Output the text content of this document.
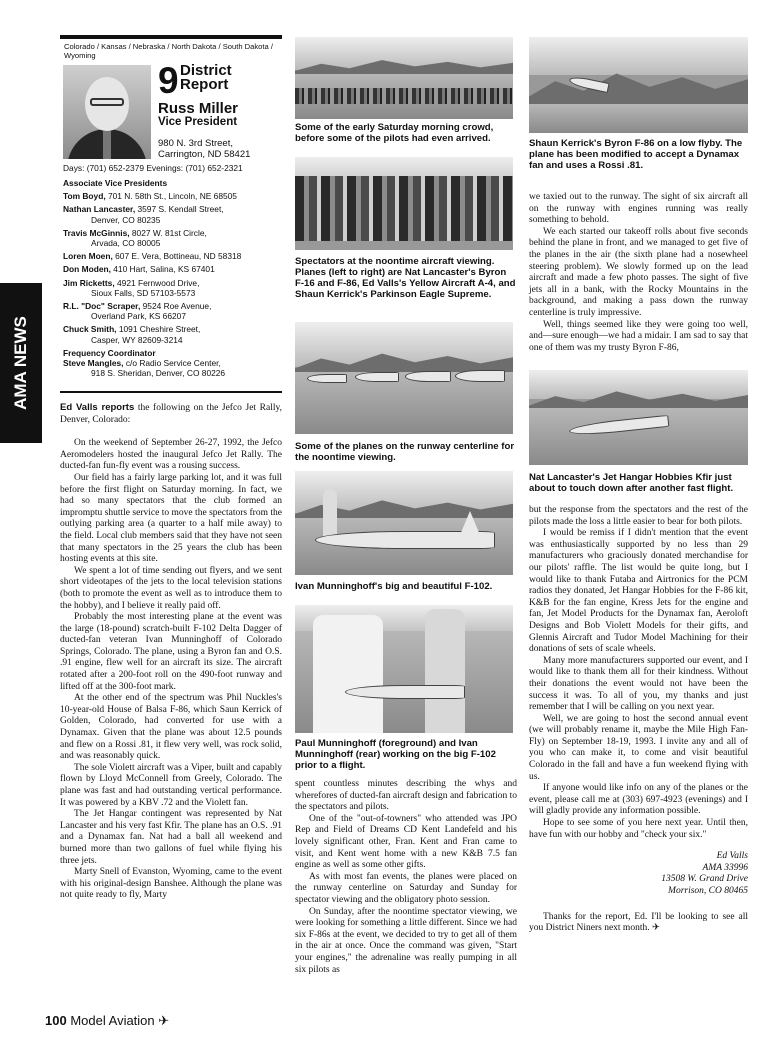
AMA NEWS
Colorado / Kansas / Nebraska / North Dakota / South Dakota / Wyoming
9 District
Report
Russ Miller
Vice President
980 N. 3rd Street,
Carrington, ND 58421
Days: (701) 652-2379 Evenings: (701) 652-2321
Associate Vice Presidents
Tom Boyd, 701 N. 58th St., Lincoln, NE 68505
Nathan Lancaster, 3597 S. Kendall Street,
Denver, CO 80235
Travis McGinnis, 8027 W. 81st Circle,
Arvada, CO 80005
Loren Moen, 607 E. Vera, Bottineau, ND 58318
Don Moden, 410 Hart, Salina, KS 67401
Jim Ricketts, 4921 Fernwood Drive,
Sioux Falls, SD 57103-5573
R.L. "Doc" Scraper, 9524 Roe Avenue,
Overland Park, KS 66207
Chuck Smith, 1091 Cheshire Street,
Casper, WY 82609-3214
Frequency Coordinator
Steve Mangles, c/o Radio Service Center,
918 S. Sheridan, Denver, CO 80226

Ed Valls reports the following on the Jefco Jet Rally, Denver, Colorado:

On the weekend of September 26-27, 1992, the Jefco Aeromodelers hosted the inaugural Jefco Jet Rally. The ducted-fan fun-fly event was a rousing success.

Our field has a fairly large parking lot, and it was full before the first flight on Saturday morning. In fact, we had so many spectators that the club formed an impromptu shuttle service to move the spectators from the outlying parking area (a quarter to a half mile away) to the field. Local club members said that they have not seen that many spectators in the 25 years the club has been hosting events at this site.

We spent a lot of time sending out flyers, and we sent short videotapes of the jets to the local television stations (both to promote the event as well as to introduce them to the hobby), and I believe it really paid off.

Probably the most interesting plane at the event was the large (18-pound) scratch-built F-102 Delta Dagger of ducted-fan veteran Ivan Munninghoff of Colorado Springs, Colorado. The plane, using a Byron fan and O.S. .91 engine, flew well for an aircraft its size. The aircraft rotated after a 200-foot roll on the 490-foot runway and lifted off at the 300-foot mark.

At the other end of the spectrum was Phil Nuckles's 10-year-old House of Balsa F-86, which Saun Kerrick of Golden, Colorado, had converted for use with a Dynamax. Given that the plane was about 12.5 pounds and flew on a Rossi .81, it flew very well, was rock solid, and was reasonably quick.

The sole Violett aircraft was a Viper, built and capably flown by Lloyd McConnell from Greely, Colorado. The plane was fast and had outstanding vertical performance. It was powered by a KBV .72 and the Violett fan.

The Jet Hangar contingent was represented by Nat Lancaster and his very fast Kfir. The plane has an O.S. .91 and a Dynamax fan. Nat had a ball all weekend and burned more than two gallons of fuel while flying his three jets.

Marty Snell of Evanston, Wyoming, came to the event with his original-design Banshee. Although the plane was not quite ready to fly, Marty

Some of the early Saturday morning crowd, before some of the pilots had even arrived.
Spectators at the noontime aircraft viewing. Planes (left to right) are Nat Lancaster's Byron F-16 and F-86, Ed Valls's Yellow Aircraft A-4, and Shaun Kerrick's Parkinson Eagle Supreme.
Some of the planes on the runway centerline for the noontime viewing.
Ivan Munninghoff's big and beautiful F-102.
Paul Munninghoff (foreground) and Ivan Munninghoff (rear) working on the big F-102 prior to a flight.

spent countless minutes describing the whys and wherefores of ducted-fan aircraft design and fabrication to the spectators and pilots.

One of the "out-of-towners" who attended was JPO Rep and Field of Dreams CD Kent Landefeld and his lovely significant other, Fran. Kent and Fran came to visit, and Kent went home with a new K&B 7.5 fan engine as well as some other gifts.

As with most fan events, the planes were placed on the runway centerline on Saturday and Sunday for spectator viewing and the obligatory photo session.

On Sunday, after the noontime spectator viewing, we were looking for something a little different. Since we had six F-86s at the event, we decided to try to get all of them in the air at once. Once the command was given, "Start your engines," the adrenaline was really pumping in all six pilots as

Shaun Kerrick's Byron F-86 on a low flyby. The plane has been modified to accept a Dynamax fan and uses a Rossi .81.

we taxied out to the runway. The sight of six aircraft all on the runway with engines running was really something to behold.

We each started our takeoff rolls about five seconds behind the plane in front, and we managed to get five of the planes in the air (the sixth plane had a nosewheel steering problem). We slowly formed up on the lead aircraft and made a few photo passes. The sight of five jets all in a bank, with the Rocky Mountains in the background, and making a pass down the runway centerline is truly impressive.

Well, things seemed like they were going too well, and—sure enough—we had a midair. I am sad to say that one of them was my trusty Byron F-86,

Nat Lancaster's Jet Hangar Hobbies Kfir just about to touch down after another fast flight.

but the response from the spectators and the rest of the pilots made the loss a little easier to bear for both pilots.

I would be remiss if I didn't mention that the event was enthusiastically supported by no less than 29 manufacturers who graciously donated merchandise for our pilots' raffle. The list would be quite long, but I would like to thank Futaba and Airtronics for the PCM radios they donated, Jet Hangar Hobbies for the F-86 kit, K&B for the fan engine, Kress Jets for the engine and fan, Jet Model Products for the Dynamax fan, Aeroloft Designs and Bob Violett Models for their gifts, and Glennis Aircraft and Tudor Model Machining for their donations of sets of scale wheels.

Many more manufacturers supported our event, and I would like to thank them all for their kindness. Without their donations the event would not have been the success it was. To all of you, my thanks and just remember that I will be calling on you next year.

Well, we are going to host the second annual event (we will probably rename it, maybe the Mile High Fan-Fly) on September 18-19, 1993. I invite any and all of you who can make it, to come and visit beautiful Colorado in the fall and have a fun weekend flying with us.

If anyone would like info on any of the planes or the event, please call me at (303) 697-4923 (evenings) and I will gladly provide any information possible.

Hope to see some of you here next year. Until then, have fun with our hobby and "check your six."

Ed Valls
AMA 33996
13508 W. Grand Drive
Morrison, CO 80465

Thanks for the report, Ed. I'll be looking to see all you District Niners next month. ✈

100 Model Aviation ✈
